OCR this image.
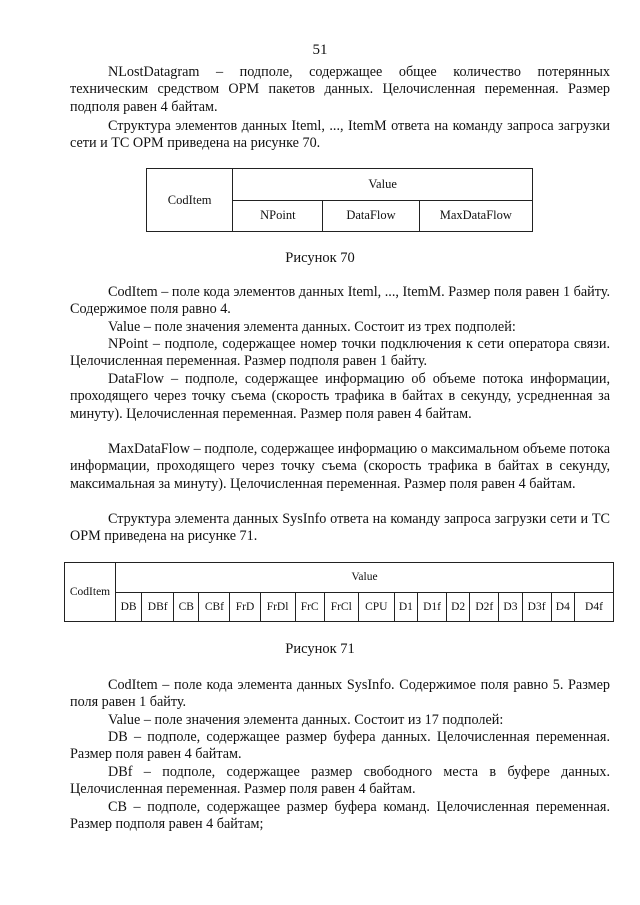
51

NLostDatagram – подполе, содержащее общее количество потерянных техническим средством ОРМ пакетов данных. Целочисленная переменная. Размер подполя равен 4 байтам.

Структура элементов данных Iteml, ..., ItemM ответа на команду запроса загрузки сети и ТС ОРМ приведена на рисунке 70.

CodItem	Value		
	NPoint	DataFlow	MaxDataFlow
Рисунок 70

CodItem – поле кода элементов данных Iteml, ..., ItemM. Размер поля равен 1 байту. Содержимое поля равно 4.

Value – поле значения элемента данных. Состоит из трех подполей:

NPoint – подполе, содержащее номер точки подключения к сети оператора связи. Целочисленная переменная. Размер подполя равен 1 байту.

DataFlow – подполе, содержащее информацию об объеме потока информации, проходящего через точку съема (скорость трафика в байтах в секунду, усредненная за минуту). Целочисленная переменная. Размер поля равен 4 байтам.

MaxDataFlow – подполе, содержащее информацию о максимальном объеме потока информации, проходящего через точку съема (скорость трафика в байтах в секунду, максимальная за минуту). Целочисленная переменная. Размер поля равен 4 байтам.

Структура элемента данных SysInfo ответа на команду запроса загрузки сети и ТС ОРМ приведена на рисунке 71.

CodItem	Value																
	DB	DBf	CB	CBf	FrD	FrDl	FrC	FrCl	CPU	D1	D1f	D2	D2f	D3	D3f	D4	D4f
Рисунок 71

CodItem – поле кода элемента данных SysInfo. Содержимое поля равно 5. Размер поля равен 1 байту.

Value – поле значения элемента данных. Состоит из 17 подполей:

DB – подполе, содержащее размер буфера данных. Целочисленная переменная. Размер поля равен 4 байтам.

DBf – подполе, содержащее размер свободного места в буфере данных. Целочисленная переменная. Размер поля равен 4 байтам.

СВ – подполе, содержащее размер буфера команд. Целочисленная переменная. Размер подполя равен 4 байтам;
